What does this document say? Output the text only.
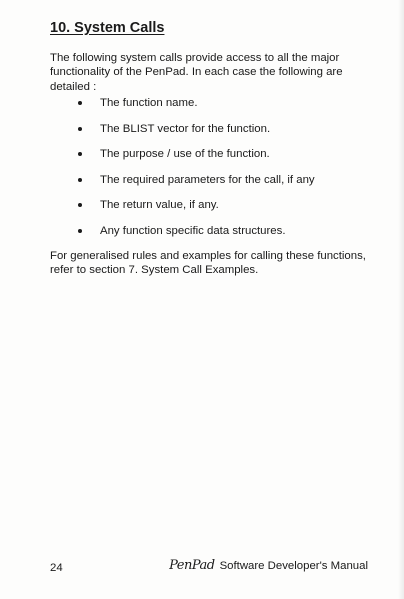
10. System Calls

The following system calls provide access to all the major functionality of the PenPad. In each case the following are detailed :

The function name.
The BLIST vector for the function.
The purpose / use of the function.
The required parameters for the call, if any
The return value, if any.
Any function specific data structures.

For generalised rules and examples for calling these functions, refer to section 7. System Call Examples.

24	PenPad Software Developer's Manual
